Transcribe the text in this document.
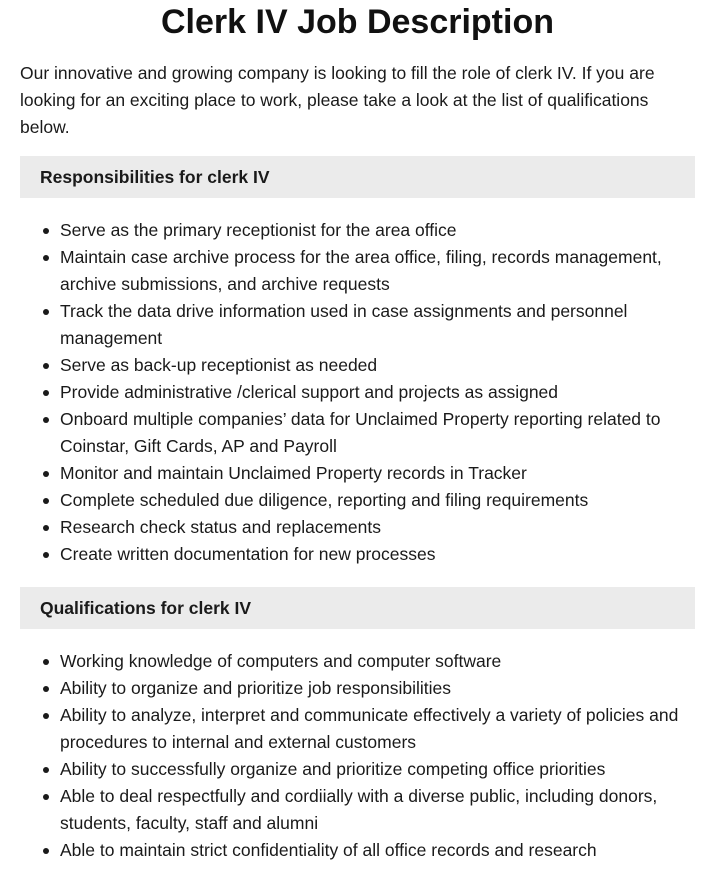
Clerk IV Job Description

Our innovative and growing company is looking to fill the role of clerk IV. If you are looking for an exciting place to work, please take a look at the list of qualifications below.

Responsibilities for clerk IV
Serve as the primary receptionist for the area office
Maintain case archive process for the area office, filing, records management, archive submissions, and archive requests
Track the data drive information used in case assignments and personnel management
Serve as back-up receptionist as needed
Provide administrative /clerical support and projects as assigned
Onboard multiple companies’ data for Unclaimed Property reporting related to Coinstar, Gift Cards, AP and Payroll
Monitor and maintain Unclaimed Property records in Tracker
Complete scheduled due diligence, reporting and filing requirements
Research check status and replacements
Create written documentation for new processes
Qualifications for clerk IV
Working knowledge of computers and computer software
Ability to organize and prioritize job responsibilities
Ability to analyze, interpret and communicate effectively a variety of policies and procedures to internal and external customers
Ability to successfully organize and prioritize competing office priorities
Able to deal respectfully and cordiially with a diverse public, including donors, students, faculty, staff and alumni
Able to maintain strict confidentiality of all office records and research
